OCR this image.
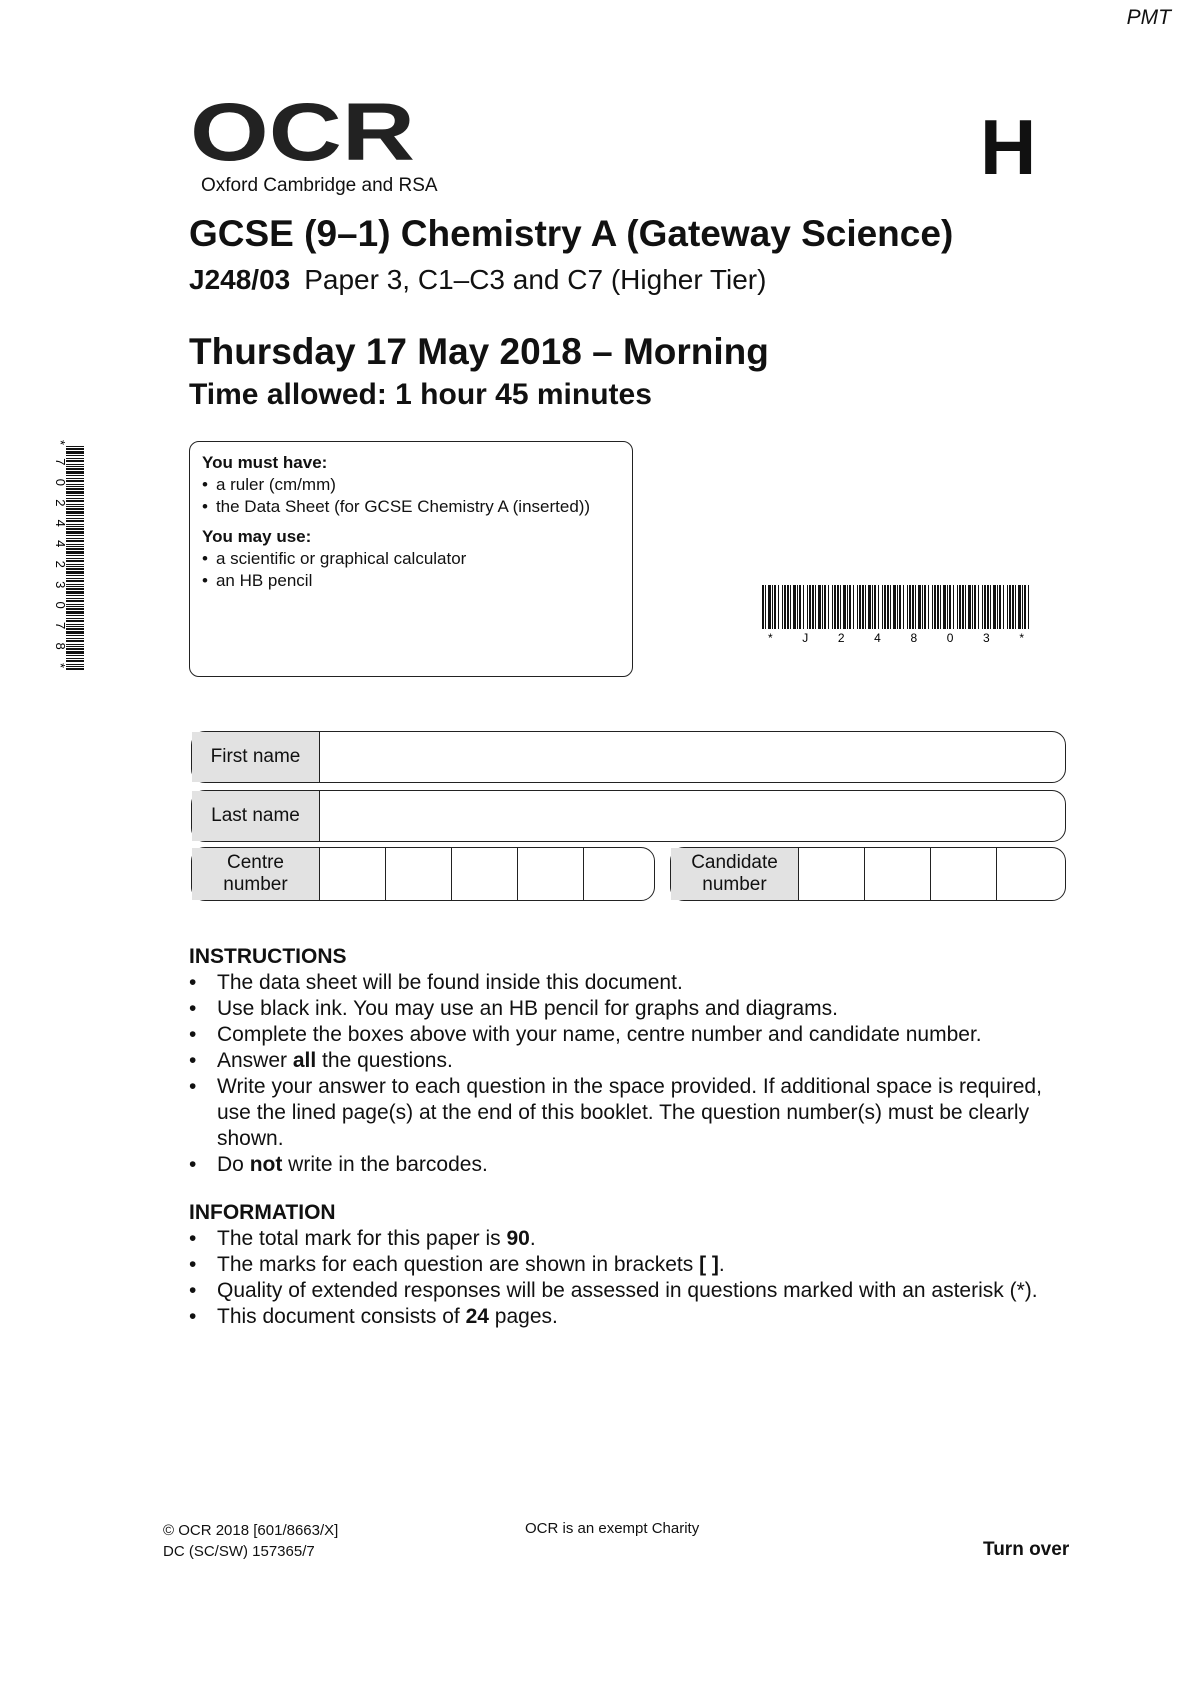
PMT
OCR
Oxford Cambridge and RSA	H
GCSE (9–1) Chemistry A (Gateway Science)
J248/03 Paper 3, C1–C3 and C7 (Higher Tier)
Thursday 17 May 2018 – Morning
Time allowed: 1 hour 45 minutes
You must have:
• a ruler (cm/mm)
• the Data Sheet (for GCSE Chemistry A (inserted))
You may use:
• a scientific or graphical calculator
• an HB pencil
* 7 0 2 4 4 2 3 0 7 8 *
* J 2 4 8 0 3 *
First name
Last name
Centre
number
Candidate
number
INSTRUCTIONS
• The data sheet will be found inside this document.
• Use black ink. You may use an HB pencil for graphs and diagrams.
• Complete the boxes above with your name, centre number and candidate number.
• Answer all the questions.
• Write your answer to each question in the space provided. If additional space is required, use the lined page(s) at the end of this booklet. The question number(s) must be clearly shown.
• Do not write in the barcodes.
INFORMATION
• The total mark for this paper is 90.
• The marks for each question are shown in brackets [ ].
• Quality of extended responses will be assessed in questions marked with an asterisk (*).
• This document consists of 24 pages.
© OCR 2018 [601/8663/X]
DC (SC/SW) 157365/7
OCR is an exempt Charity
Turn over
